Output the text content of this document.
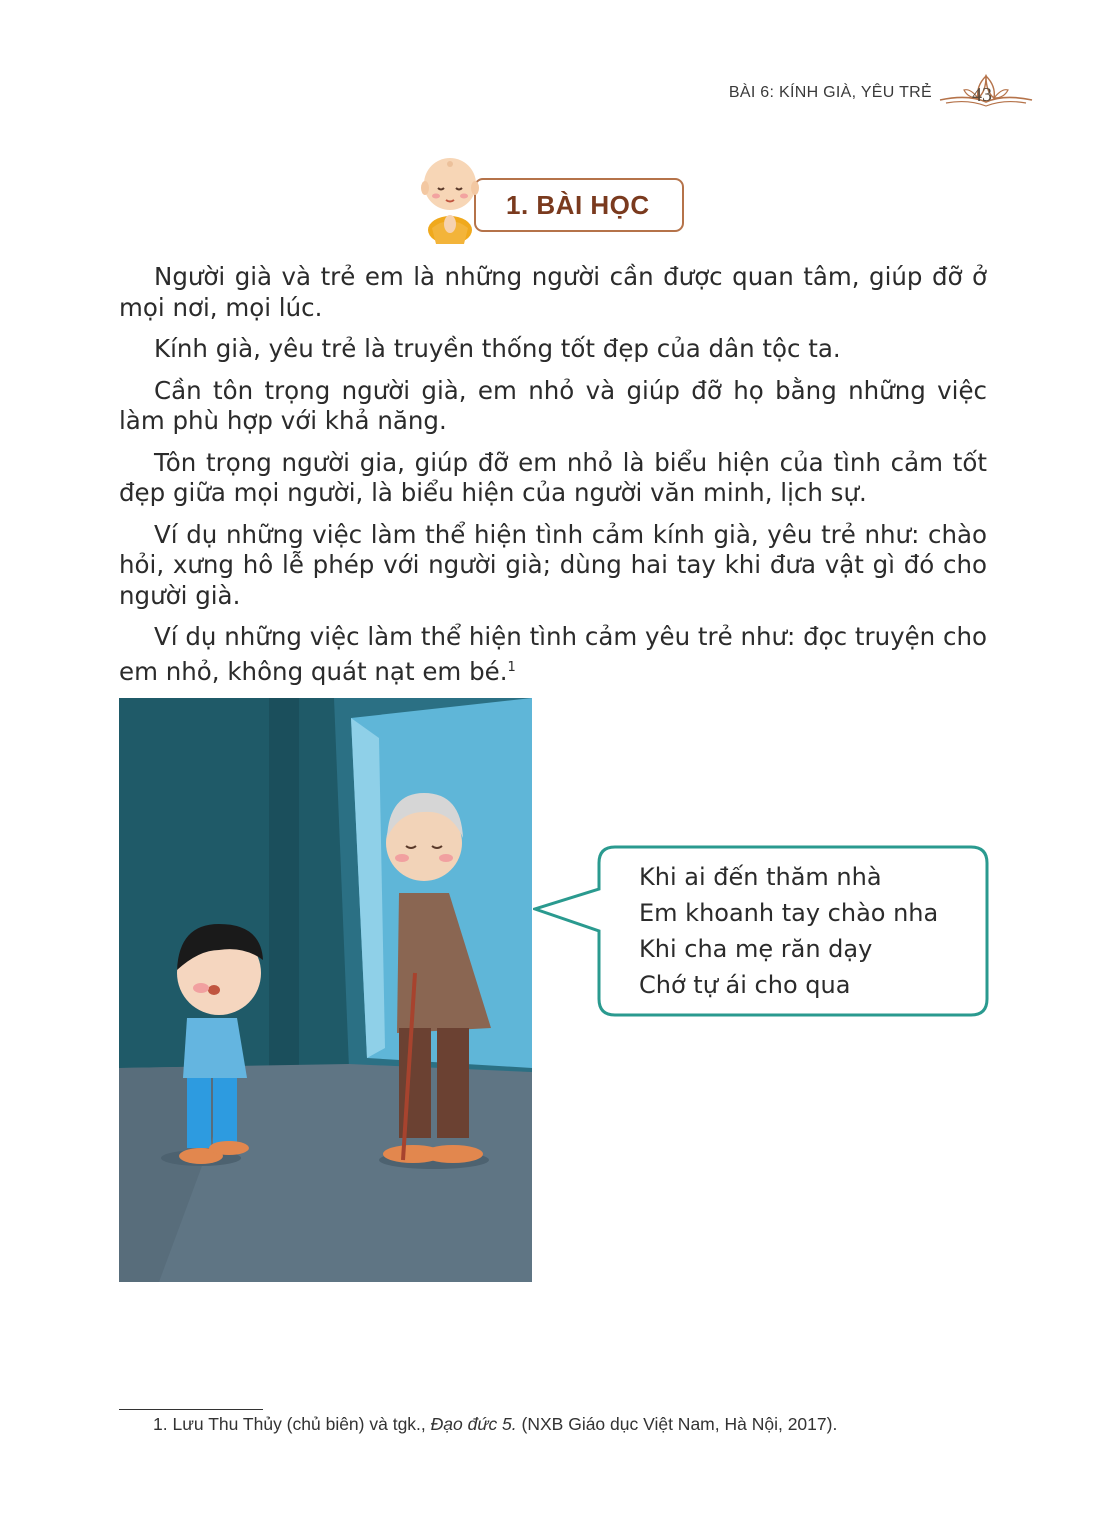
BÀI 6: KÍNH GIÀ, YÊU TRẺ 43
1. BÀI HỌC

Người già và trẻ em là những người cần được quan tâm, giúp đỡ ở mọi nơi, mọi lúc.

Kính già, yêu trẻ là truyền thống tốt đẹp của dân tộc ta.

Cần tôn trọng người già, em nhỏ và giúp đỡ họ bằng những việc làm phù hợp với khả năng.

Tôn trọng người gia, giúp đỡ em nhỏ là biểu hiện của tình cảm tốt đẹp giữa mọi người, là biểu hiện của người văn minh, lịch sự.

Ví dụ những việc làm thể hiện tình cảm kính già, yêu trẻ như: chào hỏi, xưng hô lễ phép với người già; dùng hai tay khi đưa vật gì đó cho người già.

Ví dụ những việc làm thể hiện tình cảm yêu trẻ như: đọc truyện cho em nhỏ, không quát nạt em bé.$^1$

Khi ai đến thăm nhà
Em khoanh tay chào nha
Khi cha mẹ răn dạy
Chớ tự ái cho qua
1. Lưu Thu Thủy (chủ biên) và tgk., Đạo đức 5. (NXB Giáo dục Việt Nam, Hà Nội, 2017).
